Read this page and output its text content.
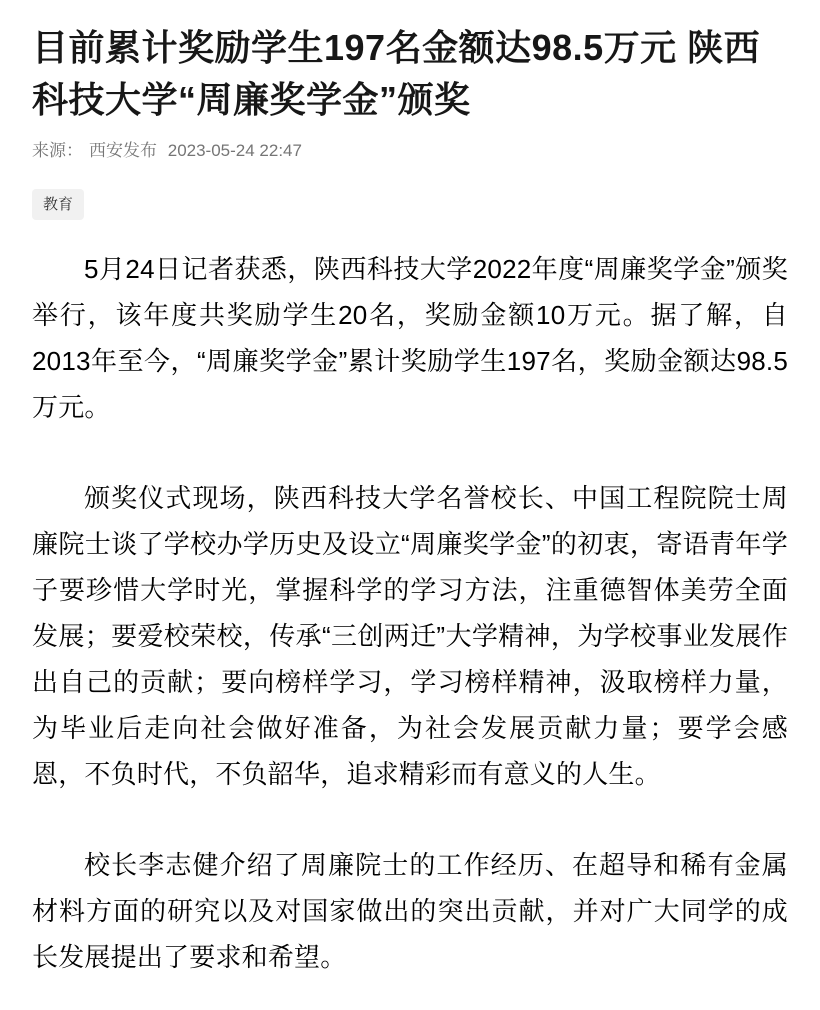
目前累计奖励学生197名金额达98.5万元 陕西科技大学“周廉奖学金”颁奖
来源： 西安发布 2023-05-24 22:47
教育

5月24日记者获悉，陕西科技大学2022年度“周廉奖学金”颁奖举行，该年度共奖励学生20名，奖励金额10万元。据了解，自2013年至今，“周廉奖学金”累计奖励学生197名，奖励金额达98.5万元。

颁奖仪式现场，陕西科技大学名誉校长、中国工程院院士周廉院士谈了学校办学历史及设立“周廉奖学金”的初衷，寄语青年学子要珍惜大学时光，掌握科学的学习方法，注重德智体美劳全面发展；要爱校荣校，传承“三创两迁”大学精神，为学校事业发展作出自己的贡献；要向榜样学习，学习榜样精神，汲取榜样力量，为毕业后走向社会做好准备，为社会发展贡献力量；要学会感恩，不负时代，不负韶华，追求精彩而有意义的人生。

校长李志健介绍了周廉院士的工作经历、在超导和稀有金属材料方面的研究以及对国家做出的突出贡献，并对广大同学的成长发展提出了要求和希望。
